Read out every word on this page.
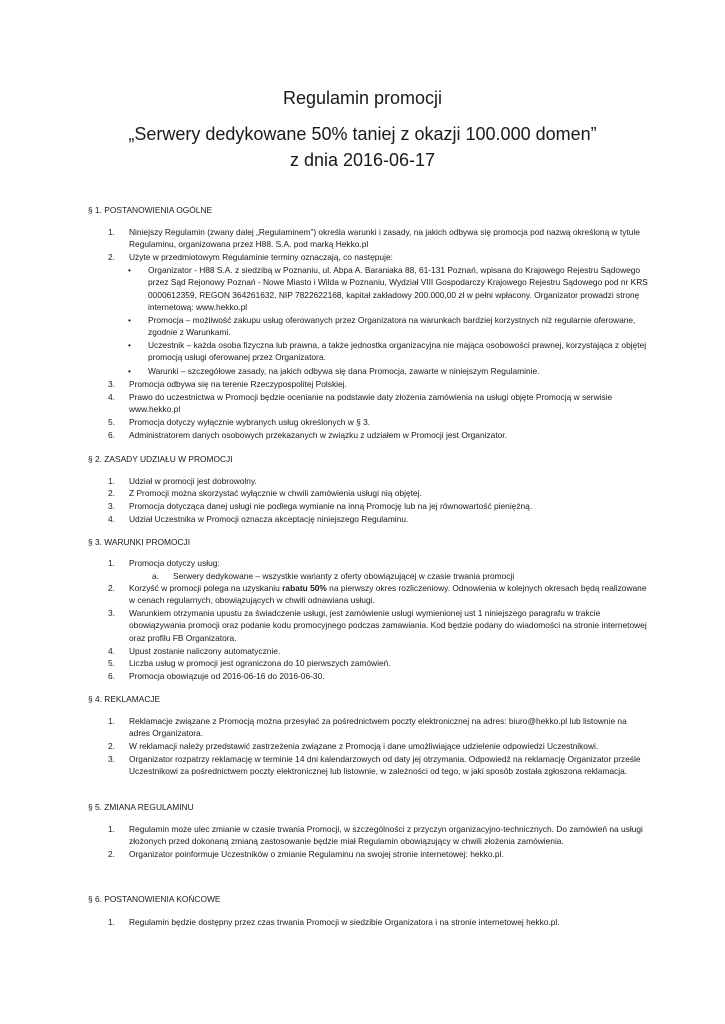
Regulamin promocji
„Serwery dedykowane 50% taniej z okazji 100.000 domen”
z dnia 2016-06-17
§ 1. POSTANOWIENIA OGÓLNE
1.	Niniejszy Regulamin (zwany dalej „Regulaminem”) określa warunki i zasady, na jakich odbywa się promocja pod nazwą określoną w tytule Regulaminu, organizowana przez H88. S.A. pod marką Hekko.pl
2.	Użyte w przedmiotowym Regulaminie terminy oznaczają, co następuje:
• Organizator - H88 S.A. z siedzibą w Poznaniu, ul. Abpa A. Baraniaka 88, 61-131 Poznań, wpisana do Krajowego Rejestru Sądowego przez Sąd Rejonowy Poznań - Nowe Miasto i Wilda w Poznaniu, Wydział VIII Gospodarczy Krajowego Rejestru Sądowego pod nr KRS 0000612359, REGON 364261632, NIP 7822622168, kapitał zakładowy 200.000,00 zł w pełni wpłacony. Organizator prowadzi stronę internetową: www.hekko.pl
• Promocja – możliwość zakupu usług oferowanych przez Organizatora na warunkach bardziej korzystnych niż regularnie oferowane, zgodnie z Warunkami.
• Uczestnik – każda osoba fizyczna lub prawna, a także jednostka organizacyjna nie mająca osobowości prawnej, korzystająca z objętej promocją usługi oferowanej przez Organizatora.
• Warunki – szczegółowe zasady, na jakich odbywa się dana Promocja, zawarte w niniejszym Regulaminie.
3.	Promocja odbywa się na terenie Rzeczypospolitej Polskiej.
4.	Prawo do uczestnictwa w Promocji będzie ocenianie na podstawie daty złożenia zamówienia na usługi objęte Promocją w serwisie www.hekko.pl
5.	Promocja dotyczy wyłącznie wybranych usług określonych w § 3.
6.	Administratorem danych osobowych przekazanych w związku z udziałem w Promocji jest Organizator.
§ 2. ZASADY UDZIAŁU W PROMOCJI
1.	Udział w promocji jest dobrowolny.
2.	Z Promocji można skorzystać wyłącznie w chwili zamówienia usługi nią objętej.
3.	Promocja dotycząca danej usługi nie podlega wymianie na inną Promocję lub na jej równowartość pieniężną.
4.	Udział Uczestnika w Promocji oznacza akceptację niniejszego Regulaminu.
§ 3. WARUNKI PROMOCJI
1.	Promocja dotyczy usług:
a.	Serwery dedykowane – wszystkie warianty z oferty obowiązującej w czasie trwania promocji
2.	Korzyść w promocji polega na uzyskaniu rabatu 50% na pierwszy okres rozliczeniowy. Odnowienia w kolejnych okresach będą realizowane w cenach regularnych, obowiązujących w chwili odnawiana usługi.
3.	Warunkiem otrzymania upustu za świadczenie usługi, jest zamówienie usługi wymienionej ust 1 niniejszego paragrafu w trakcie obowiązywania promocji oraz podanie kodu promocyjnego podczas zamawiania. Kod będzie podany do wiadomości na stronie internetowej oraz profilu FB Organizatora.
4.	Upust zostanie naliczony automatycznie.
5.	Liczba usług w promocji jest ograniczona do 10 pierwszych zamówień.
6.	Promocja obowiązuje od 2016-06-16 do 2016-06-30.
§ 4. REKLAMACJE
1.	Reklamacje związane z Promocją można przesyłać za pośrednictwem poczty elektronicznej na adres: biuro@hekko.pl lub listownie na adres Organizatora.
2.	W reklamacji należy przedstawić zastrzeżenia związane z Promocją i dane umożliwiające udzielenie odpowiedzi Uczestnikowi.
3.	Organizator rozpatrzy reklamację w terminie 14 dni kalendarzowych od daty jej otrzymania. Odpowiedź na reklamację Organizator prześle Uczestnikowi za pośrednictwem poczty elektronicznej lub listownie, w zależności od tego, w jaki sposób została zgłoszona reklamacja.
§ 5. ZMIANA REGULAMINU
1.	Regulamin może ulec zmianie w czasie trwania Promocji, w szczególności z przyczyn organizacyjno-technicznych. Do zamówień na usługi złożonych przed dokonaną zmianą zastosowanie będzie miał Regulamin obowiązujący w chwili złożenia zamówienia.
2.	Organizator poinformuje Uczestników o zmianie Regulaminu na swojej stronie internetowej: hekko.pl.
§ 6. POSTANOWIENIA KOŃCOWE
1.	Regulamin będzie dostępny przez czas trwania Promocji w siedzibie Organizatora i na stronie internetowej hekko.pl.
